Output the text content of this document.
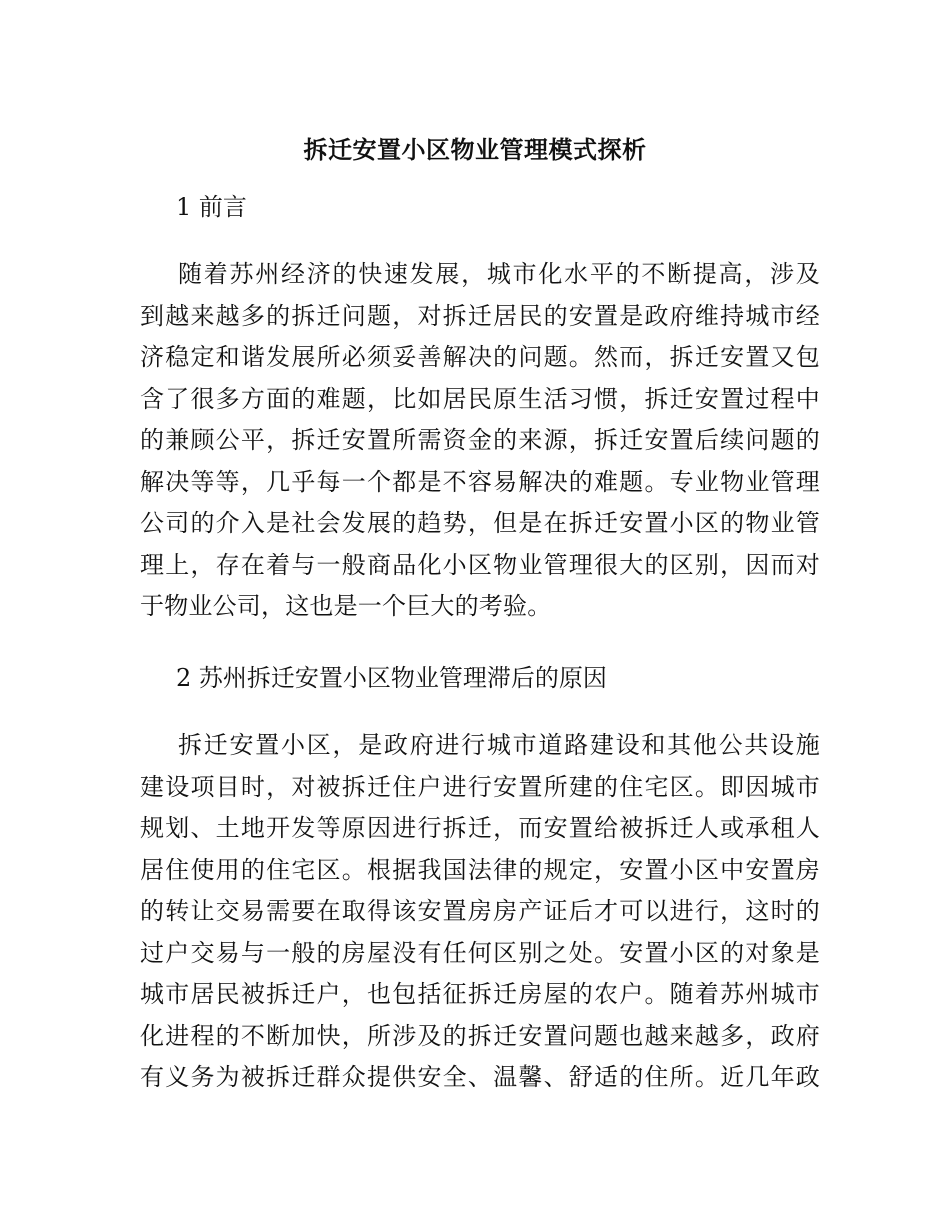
拆迁安置小区物业管理模式探析
1 前言
随着苏州经济的快速发展，城市化水平的不断提高，涉及
到越来越多的拆迁问题，对拆迁居民的安置是政府维持城市经
济稳定和谐发展所必须妥善解决的问题。然而，拆迁安置又包
含了很多方面的难题，比如居民原生活习惯，拆迁安置过程中
的兼顾公平，拆迁安置所需资金的来源，拆迁安置后续问题的
解决等等，几乎每一个都是不容易解决的难题。专业物业管理
公司的介入是社会发展的趋势，但是在拆迁安置小区的物业管
理上，存在着与一般商品化小区物业管理很大的区别，因而对
于物业公司，这也是一个巨大的考验。
2 苏州拆迁安置小区物业管理滞后的原因
拆迁安置小区，是政府进行城市道路建设和其他公共设施
建设项目时，对被拆迁住户进行安置所建的住宅区。即因城市
规划、土地开发等原因进行拆迁，而安置给被拆迁人或承租人
居住使用的住宅区。根据我国法律的规定，安置小区中安置房
的转让交易需要在取得该安置房房产证后才可以进行，这时的
过户交易与一般的房屋没有任何区别之处。安置小区的对象是
城市居民被拆迁户，也包括征拆迁房屋的农户。随着苏州城市
化进程的不断加快，所涉及的拆迁安置问题也越来越多，政府
有义务为被拆迁群众提供安全、温馨、舒适的住所。近几年政
